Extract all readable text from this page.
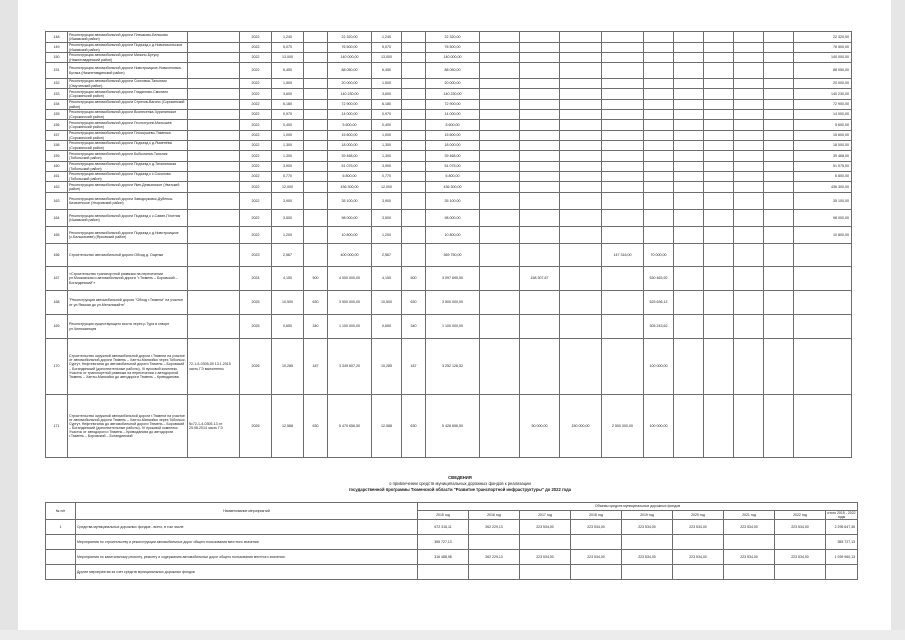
148	Реконструкция автомобильной дороги Плешково-Бельково (Ишимский район)		2022	1,240		22 320,00	1,240		22 320,00										22 320,00
149	Реконструкция автомобильной дороги Подъезд к д.Новоникольское (Ишимский район)		2022	5,070		76 500,00	5,070		76 500,00										76 500,00
150	Реконструкция автомобильной дороги Мизоно-Бутусу (Нижнетавдинский район)		2022	13,000		140 000,00	13,000		140 000,00										140 000,00
151	Реконструкция автомобильной дороги Новотроицкое-Новоселовка-Бутака (Нижнетавдинский район)		2022	6,450		88 050,00	6,450		88 050,00										88 050,00
152	Реконструкция автомобильной дороги Сосновка-Тальники (Омутинский район)		2022	1,500		20 000,00	1,500		20 000,00										20 000,00
153	Реконструкция автомобильной дороги Гладилово-Смолино (Сорокинский район)		2022	3,600		140 230,00	3,600		140 230,00										140 230,00
154	Реконструкция автомобильной дороги Стрехов-Вагино (Сорокинский район)		2022	6,180		72 900,00	6,180		72 900,00										72 900,00
155	Реконструкция автомобильной дороги Вознесенка-Чурилинское (Сорокинский район)		2022	0,970		14 000,00	0,970		14 000,00										14 000,00
156	Реконструкция автомобильной дороги Геологгусев-Малышев (Сорокинский район)		2022	0,400		5 600,00	0,400		5 600,00										5 600,00
157	Реконструкция автомобильной дороги Плоскушево-Тюменка (Сорокинский район)		2022	1,000		15 600,00	1,000		15 600,00										15 600,00
158	Реконструкция автомобильной дороги Подъезд к д.Ячменёва (Сорокинский район)		2022	1,300		18 000,00	1,300		18 000,00										18 000,00
159	Реконструкция автомобильной дороги Бобылянка-Тальник (Тобольский район)		2022	1,300		39 468,00	1,300		39 468,00										39 468,00
160	Реконструкция автомобильной дороги Подъезд к д.Тиханинская (Тобольский район)		2022	3,900		51 075,00	3,900		51 075,00										51 075,00
161	Реконструкция автомобильной дороги Подъезд к с.Соколово (Тобольский район)		2022	0,770		6 800,00	0,770		6 800,00										6 800,00
162	Реконструкция автомобильной дороги Ямп-Демьянское (Уватский район)		2022	12,000		436 300,00	12,000		436 300,00										436 300,00
163	Реконструкция автомобильной дороги Заводоуковск-Дубенка-Кизаченское (Упоровский район)		2022	3,900		35 100,00	3,900		35 100,00										35 100,00
164	Реконструкция автомобильной дороги Подъезд к с.Савин-Плотник (Ишимский район)		2022	3,500		98 000,00	3,500		98 000,00										98 000,00
165	Реконструкция автомобильной дороги Подъезд к д.Новотроицкое (с.Балыкачеве) (Ярковский район)		2022	1,200		10 800,00	1,200		10 800,00										10 800,00
166	Строительство автомобильной дороги Обход д. Ощепки		2023	2,567		400 000,00	2,567		369 750,00				147 316,00	70 000,00					
167	«Строительство транспортной развязки на пересечении ул.Московская и автомобильной дороги "г.Тюмень – Боровский – Богандинский"»		2024	4,150	500	4 000 000,00	4,150	500	3 097 695,50		158 307,67			530 463,92					
168	"Реконструкция автомобильной дороги "Обход г.Тюмени" на участке от ул.Ямская до ул.Мельникайте"		2025	10,500	630	3 500 000,00	10,500	630	3 500 000,00					525 636,12					
169	Реконструкция существующего моста через р.Тура в створе ул.Челюскинцев		2025	0,650	340	1 100 000,00	0,650	340	1 100 000,00					305 243,62					
170	Строительство окружной автомобильной дороги г.Тюмени на участке от автомобильной дороги Тюмень – Ханты-Мансийск через Тобольск, Сургут, Нефтеюганск до автомобильной дороги Тюмень – Боровский – Богандинский (дополнительные работы), III пусковой комплекс. Участок от транспортной развязки на пересечении с автодорогой Тюмень – Ханты-Мансийск до автодороги Тюмень – Криводанова	72-1-5-0305-09 13.1.2015 часть ГЭ выполнены	2026	10,285	187	3 349 607,20	10,285	187	3 252 126,52					100 000,00					
171	Строительство окружной автомобильной дороги г.Тюмени на участке от автомобильной дороги Тюмень – Ханты-Мансийск через Тобольск, Сургут, Нефтеюганск до автомобильной дороги Тюмень – Боровский – Богандинский (дополнительные работы). IV пусковой комплекс. Участок от автодороги г.Тюмень – Криводанова до автодороги г.Тюмень – Боровский – Богандинский	№72-1-4-0305-13 от 25.08.2014 часть ГЭ	2026	12,588	630	5 470 656,50	12,588	630	5 428 656,50		50 000,00	150 000,00	2 500 000,00	100 000,00					
СВЕДЕНИЯ
о привлечении средств муниципальных дорожных фондов к реализации
государственной программы Тюменской области "Развитие транспортной инфраструктуры" до 2022 года
№ п/п	Наименование мероприятий	Объемы средств муниципальных дорожных фондов								
		2015 год	2016 год	2017 год	2018 год	2019 год	2020 год	2021 год	2022 год	итого 2015 - 2022 годы
1	Средства муниципальных дорожных фондов - всего, в том числе:	672 316,11	262 229,13	223 534,00	223 534,00	223 534,00	223 534,00	223 534,00	223 534,00	2 295 647,36
	Мероприятия по строительству и реконструкции автомобильных дорог общего пользования местного значения	355 727,13								355 727,13
	Мероприятия по капитальному ремонту, ремонту и содержанию автомобильных дорог общего пользования местного значения	316 488,98	262 229,13	223 534,00	223 534,00	223 534,00	223 534,00	223 534,00	223 534,00	1 939 960,13
	Другие мероприятия за счет средств муниципальных дорожных фондов									
